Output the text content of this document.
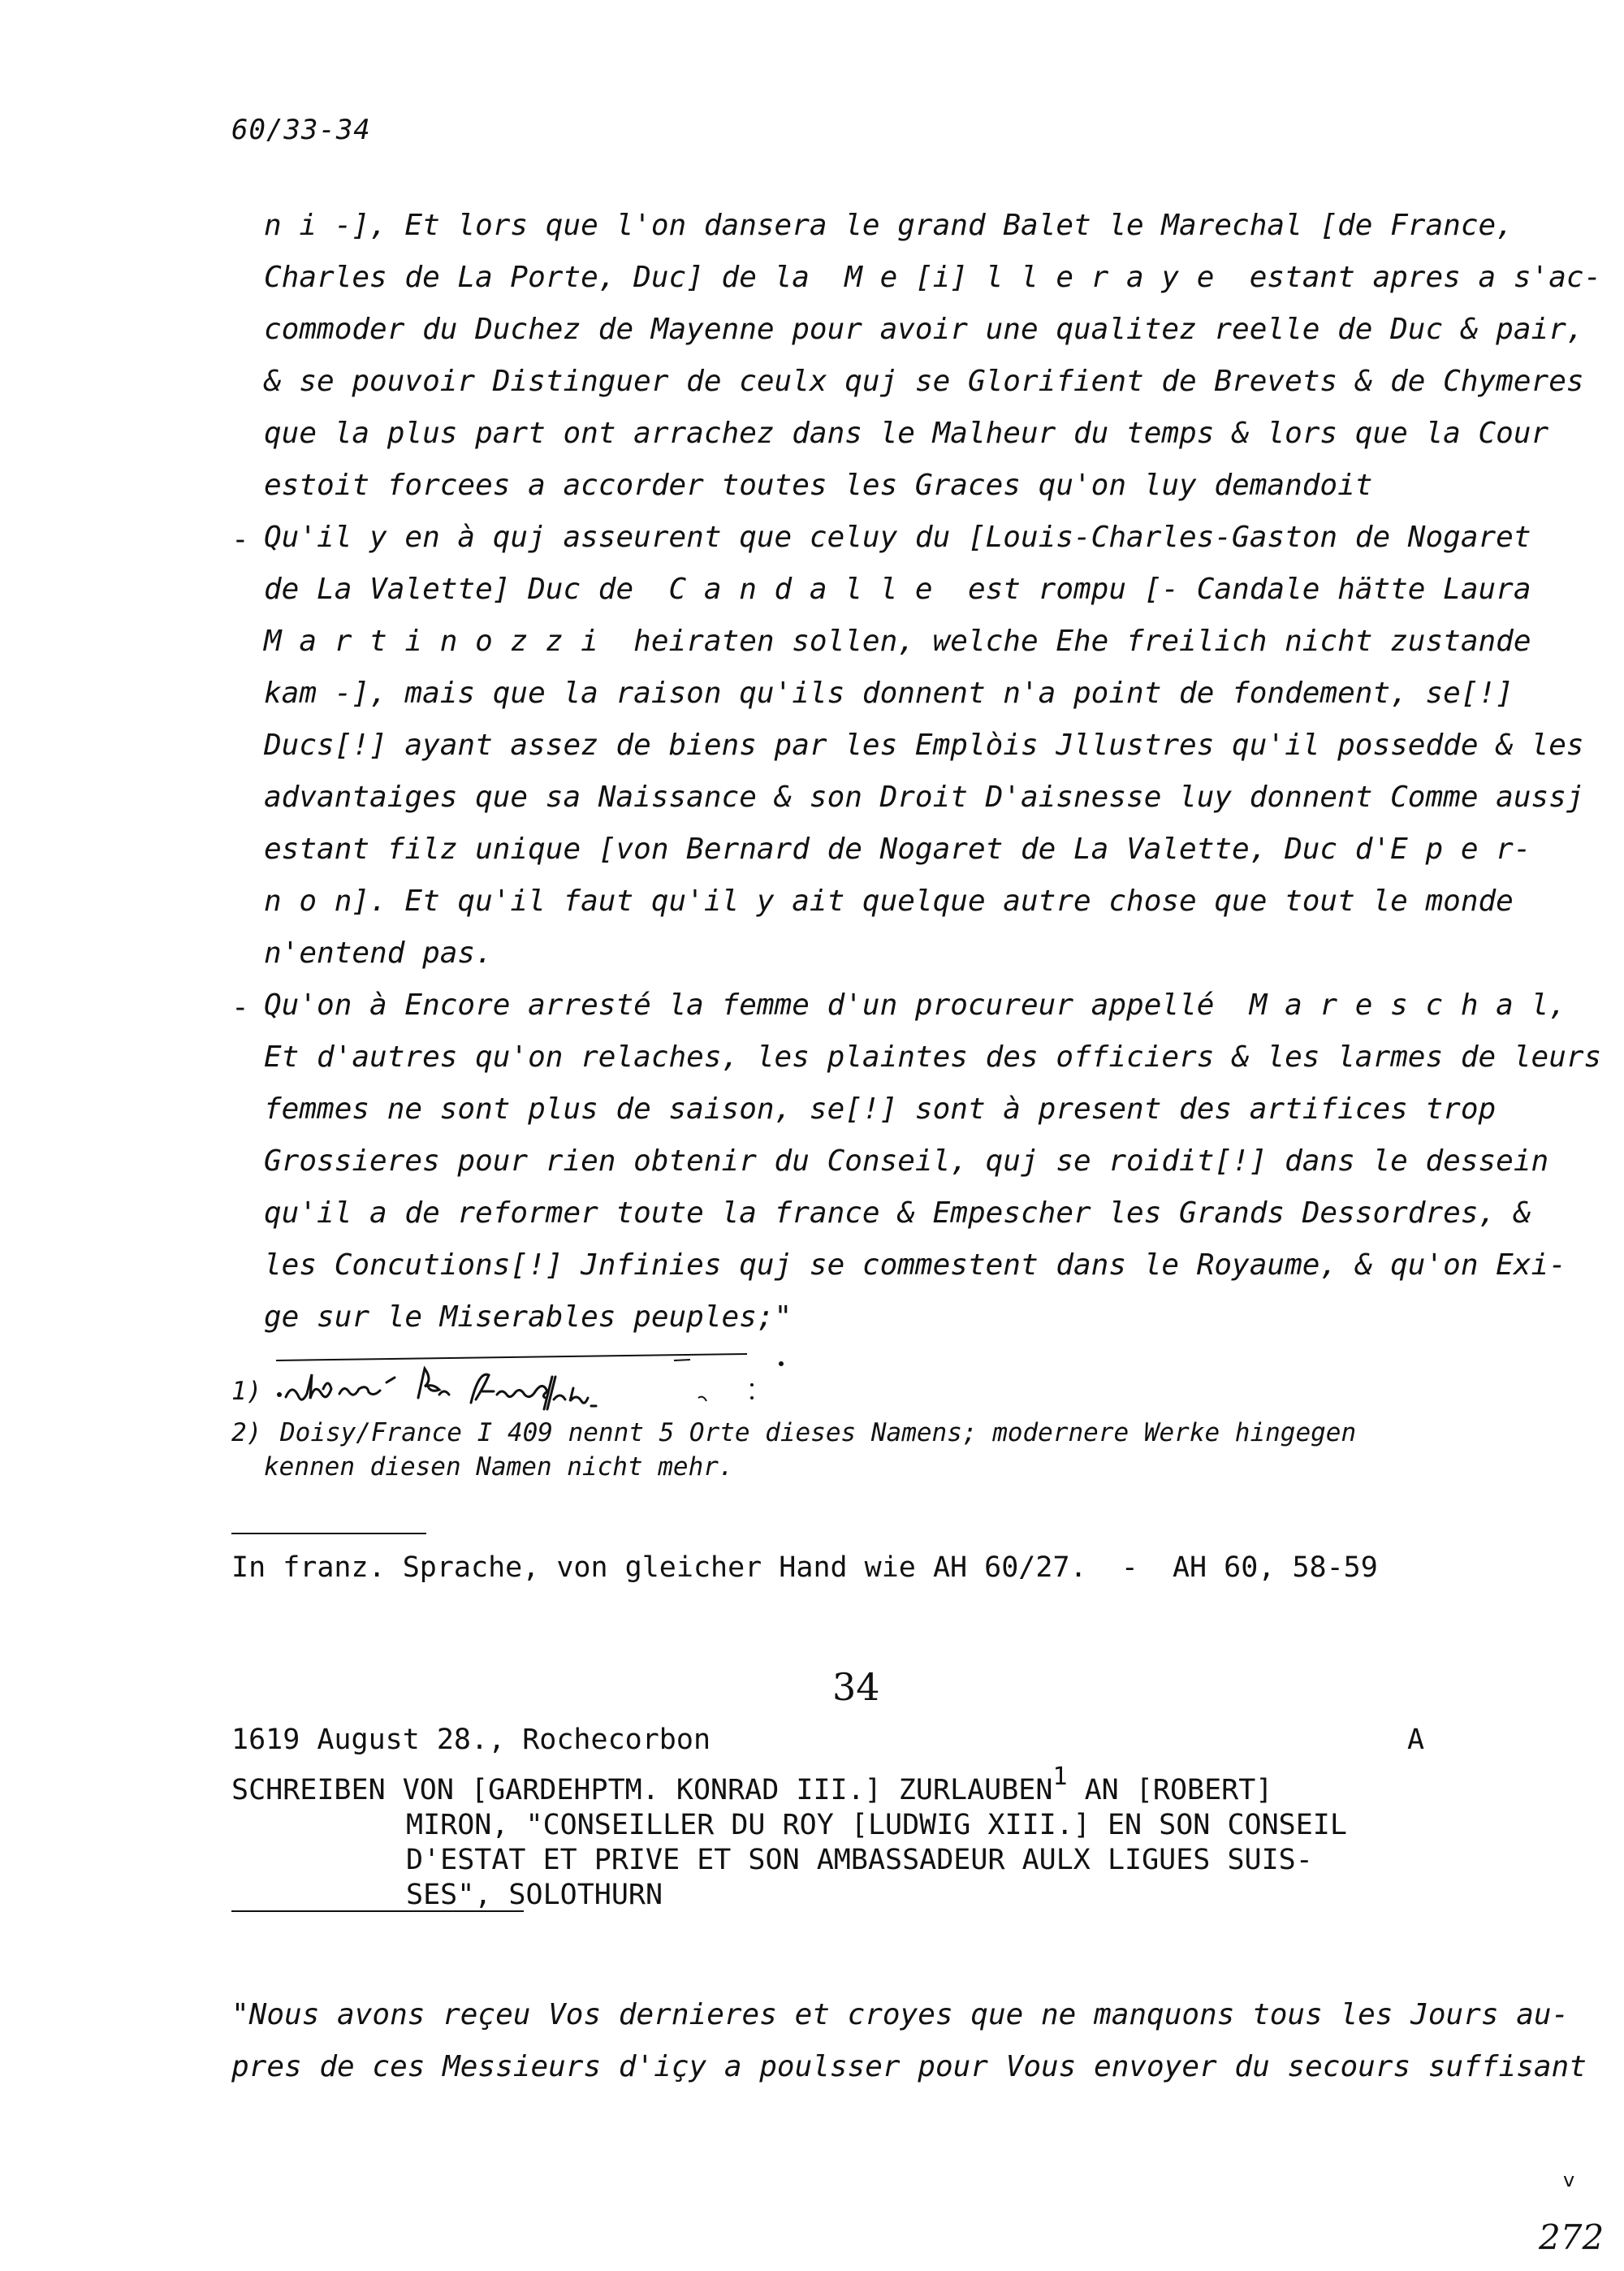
60/33-34
n i -], Et lors que l'on dansera le grand Balet le Marechal [de France,
Charles de La Porte, Duc] de la  M e [i] l l e r a y e  estant apres a s'ac-
commoder du Duchez de Mayenne pour avoir une qualitez reelle de Duc & pair,
& se pouvoir Distinguer de ceulx quj se Glorifient de Brevets & de Chymeres
que la plus part ont arrachez dans le Malheur du temps & lors que la Cour
estoit forcees a accorder toutes les Graces qu'on luy demandoit
- Qu'il y en à quj asseurent que celuy du [Louis-Charles-Gaston de Nogaret
de La Valette] Duc de  C a n d a l l e  est rompu [- Candale hätte Laura
M a r t i n o z z i  heiraten sollen, welche Ehe freilich nicht zustande
kam -], mais que la raison qu'ils donnent n'a point de fondement, se[!]
Ducs[!] ayant assez de biens par les Emplòis Jllustres qu'il possedde & les
advantaiges que sa Naissance & son Droit D'aisnesse luy donnent Comme aussj
estant filz unique [von Bernard de Nogaret de La Valette, Duc d'E p e r-
n o n]. Et qu'il faut qu'il y ait quelque autre chose que tout le monde
n'entend pas.
- Qu'on à Encore arresté la femme d'un procureur appellé  M a r e s c h a l,
Et d'autres qu'on relaches, les plaintes des officiers & les larmes de leurs
femmes ne sont plus de saison, se[!] sont à present des artifices trop
Grossieres pour rien obtenir du Conseil, quj se roidit[!] dans le dessein
qu'il a de reformer toute la france & Empescher les Grands Dessordres, &
les Concutions[!] Jnfinies quj se commestent dans le Royaume, & qu'on Exi-
ge sur le Miserables peuples;"
1)
2) Doisy/France I 409 nennt 5 Orte dieses Namens; modernere Werke hingegen
kennen diesen Namen nicht mehr.
In franz. Sprache, von gleicher Hand wie AH 60/27.  -  AH 60, 58-59
34
1619 August 28., Rochecorbon	A
SCHREIBEN VON [GARDEHPTM. KONRAD III.] ZURLAUBEN1 AN [ROBERT]
MIRON, "CONSEILLER DU ROY [LUDWIG XIII.] EN SON CONSEIL
D'ESTAT ET PRIVE ET SON AMBASSADEUR AULX LIGUES SUIS-
SES", SOLOTHURN
"Nous avons reçeu Vos dernieres et croyes que ne manquons tous les Jours au-
pres de ces Messieurs d'içy a poulsser pour Vous envoyer du secours suffisant
v
272
